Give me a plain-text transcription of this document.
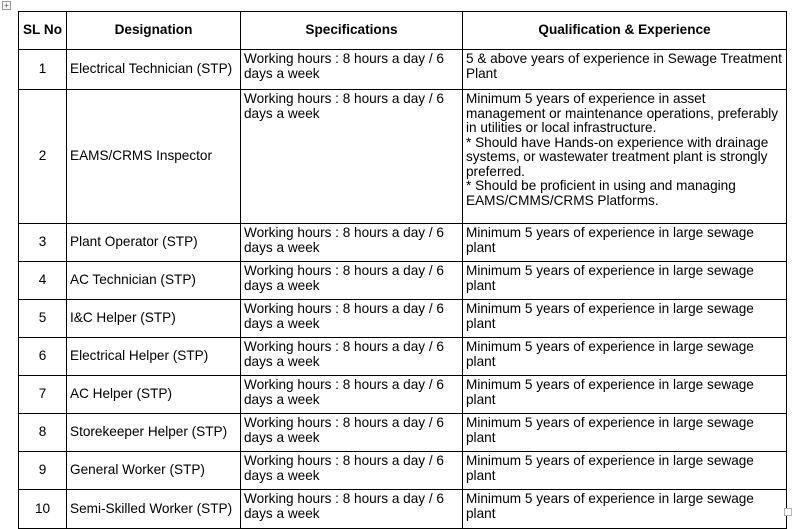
+
SL No	Designation	Specifications	Qualification & Experience
1	Electrical Technician (STP)	Working hours : 8 hours a day / 6 days a week	5 & above years of experience in Sewage Treatment Plant

2	EAMS/CRMS Inspector	Working hours : 8 hours a day / 6 days a week	Minimum 5 years of experience in asset management or maintenance operations, preferably in utilities or local infrastructure.
* Should have Hands-on experience with drainage systems, or wastewater treatment plant is strongly preferred.
* Should be proficient in using and managing EAMS/CMMS/CRMS Platforms.

3	Plant Operator (STP)	Working hours : 8 hours a day / 6 days a week	Minimum 5 years of experience in large sewage plant

4	AC Technician (STP)	Working hours : 8 hours a day / 6 days a week	Minimum 5 years of experience in large sewage plant

5	I&C Helper (STP)	Working hours : 8 hours a day / 6 days a week	Minimum 5 years of experience in large sewage plant

6	Electrical Helper (STP)	Working hours : 8 hours a day / 6 days a week	Minimum 5 years of experience in large sewage plant

7	AC Helper (STP)	Working hours : 8 hours a day / 6 days a week	Minimum 5 years of experience in large sewage plant

8	Storekeeper Helper (STP)	Working hours : 8 hours a day / 6 days a week	Minimum 5 years of experience in large sewage plant

9	General Worker (STP)	Working hours : 8 hours a day / 6 days a week	Minimum 5 years of experience in large sewage plant

10	Semi-Skilled Worker (STP)	Working hours : 8 hours a day / 6 days a week	Minimum 5 years of experience in large sewage plant
